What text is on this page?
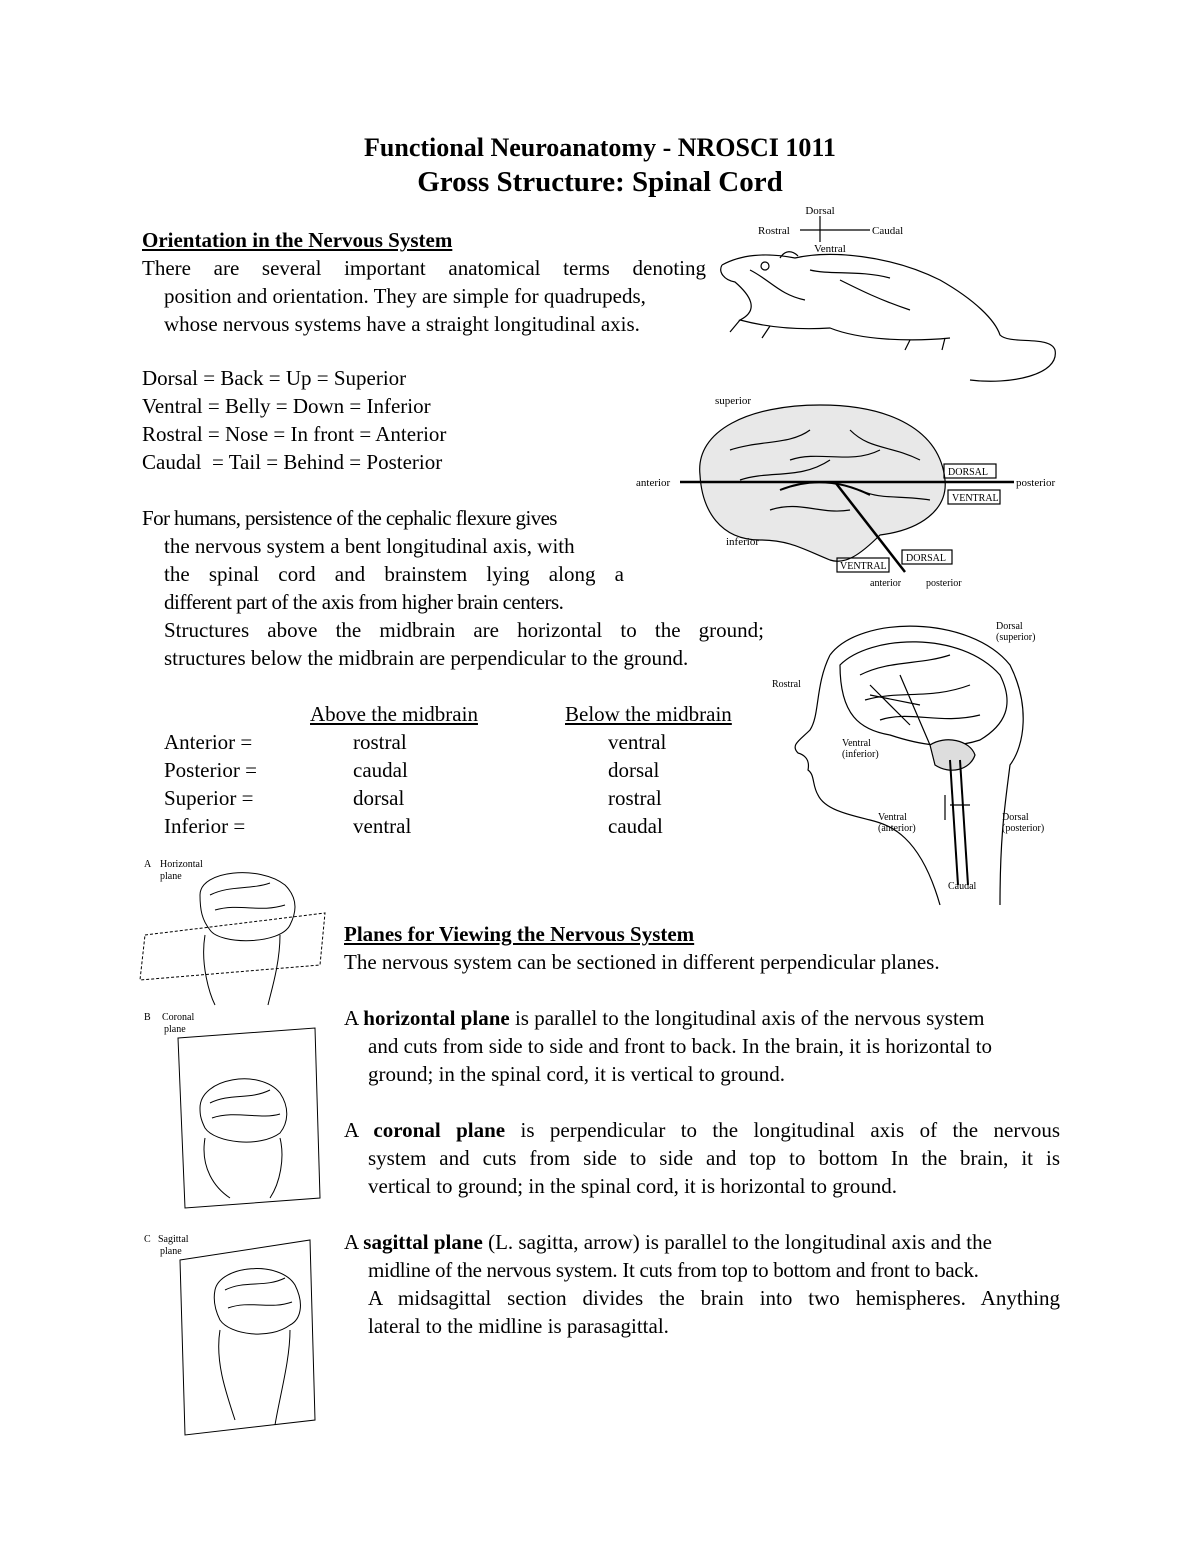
Functional Neuroanatomy - NROSCI 1011
Gross Structure: Spinal Cord
Orientation in the Nervous System
There are several important anatomical terms denoting
position and orientation. They are simple for quadrupeds,
whose nervous systems have a straight longitudinal axis.
Dorsal = Back = Up = Superior
Ventral = Belly = Down = Inferior
Rostral = Nose = In front = Anterior
Caudal  = Tail = Behind = Posterior
For humans, persistence of the cephalic flexure gives
the nervous system a bent longitudinal axis, with
the spinal cord and brainstem lying along a
different part of the axis from higher brain centers.
Structures above the midbrain are horizontal to the ground;
structures below the midbrain are perpendicular to the ground.
Above the midbrain	Below the midbrain
Anterior =	rostral	ventral
Posterior =	caudal	dorsal
Superior =	dorsal	rostral
Inferior =	ventral	caudal
Dorsal
Rostral	Caudal
Ventral
superior
anterior	posterior
inferior
DORSAL
VENTRAL
VENTRAL
DORSAL
anterior posterior
Dorsal
(superior)
Rostral
Ventral
(inferior)
Ventral
(anterior)
Dorsal
(posterior)
Caudal
A Horizontal
plane
B Coronal
plane
C Sagittal
plane
Planes for Viewing the Nervous System
The nervous system can be sectioned in different perpendicular planes.
A horizontal plane is parallel to the longitudinal axis of the nervous system
and cuts from side to side and front to back. In the brain, it is horizontal to
ground; in the spinal cord, it is vertical to ground.
A coronal plane is perpendicular to the longitudinal axis of the nervous
system and cuts from side to side and top to bottom In the brain, it is
vertical to ground; in the spinal cord, it is horizontal to ground.
A sagittal plane (L. sagitta, arrow) is parallel to the longitudinal axis and the
midline of the nervous system. It cuts from top to bottom and front to back.
A midsagittal section divides the brain into two hemispheres. Anything
lateral to the midline is parasagittal.
